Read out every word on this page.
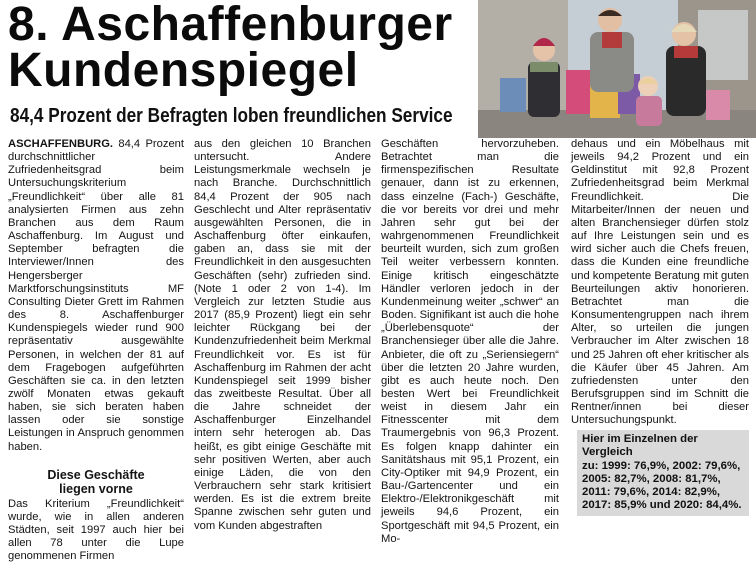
8. Aschaffenburger
Kundenspiegel
84,4 Prozent der Befragten loben freundlichen Service

ASCHAFFENBURG. 84,4 Prozent durchschnittlicher Zufriedenheitsgrad beim Untersuchungskriterium „Freundlichkeit“ über alle 81 analysierten Firmen aus zehn Branchen aus dem Raum Aschaffenburg. Im August und September befragten die Interviewer/Innen des Hengersberger Marktforschungsinstituts MF Consulting Dieter Grett im Rahmen des 8. Aschaffenburger Kundenspiegels wieder rund 900 repräsentativ ausgewählte Personen, in welchen der 81 auf dem Fragebogen aufgeführten Geschäften sie ca. in den letzten zwölf Monaten etwas gekauft haben, sie sich beraten haben lassen oder sie sonstige Leistungen in Anspruch genommen haben.

Diese Geschäfte
liegen vorne

Das Kriterium „Freundlichkeit“ wurde, wie in allen anderen Städten, seit 1997 auch hier bei allen 78 unter die Lupe genommenen Firmen

aus den gleichen 10 Branchen untersucht. Andere Leistungsmerkmale wechseln je nach Branche. Durchschnittlich 84,4 Prozent der 905 nach Geschlecht und Alter repräsentativ ausgewählten Personen, die in Aschaffenburg öfter einkaufen, gaben an, dass sie mit der Freundlichkeit in den ausgesuchten Geschäften (sehr) zufrieden sind. (Note 1 oder 2 von 1-4). Im Vergleich zur letzten Studie aus 2017 (85,9 Prozent) liegt ein sehr leichter Rückgang bei der Kundenzufriedenheit beim Merkmal Freundlichkeit vor. Es ist für Aschaffenburg im Rahmen der acht Kundenspiegel seit 1999 bisher das zweitbeste Resultat. Über all die Jahre schneidet der Aschaffenburger Einzelhandel intern sehr heterogen ab. Das heißt, es gibt einige Geschäfte mit sehr positiven Werten, aber auch einige Läden, die von den Verbrauchern sehr stark kritisiert werden. Es ist die extrem breite Spanne zwischen sehr guten und vom Kunden abgestraften

Geschäften hervorzuheben. Betrachtet man die firmenspezifischen Resultate genauer, dann ist zu erkennen, dass einzelne (Fach-) Geschäfte, die vor bereits vor drei und mehr Jahren sehr gut bei der wahrgenommenen Freundlichkeit beurteilt wurden, sich zum großen Teil weiter verbessern konnten. Einige kritisch eingeschätzte Händler verloren jedoch in der Kundenmeinung weiter „schwer“ an Boden. Signifikant ist auch die hohe „Überlebensquote“ der Branchensieger über alle die Jahre. Anbieter, die oft zu „Seriensiegern“ über die letzten 20 Jahre wurden, gibt es auch heute noch. Den besten Wert bei Freundlichkeit weist in diesem Jahr ein Fitnesscenter mit dem Traumergebnis von 96,3 Prozent. Es folgen knapp dahinter ein Sanitätshaus mit 95,1 Prozent, ein City-Optiker mit 94,9 Prozent, ein Bau-/Gartencenter und ein Elektro-/Elektronikgeschäft mit jeweils 94,6 Prozent, ein Sportgeschäft mit 94,5 Prozent, ein Mo-

dehaus und ein Möbelhaus mit jeweils 94,2 Prozent und ein Geldinstitut mit 92,8 Prozent Zufriedenheitsgrad beim Merkmal Freundlichkeit. Die Mitarbeiter/Innen der neuen und alten Branchensieger dürfen stolz auf Ihre Leistungen sein und es wird sicher auch die Chefs freuen, dass die Kunden eine freundliche und kompetente Beratung mit guten Beurteilungen aktiv honorieren. Betrachtet man die Konsumentengruppen nach ihrem Alter, so urteilen die jungen Verbraucher im Alter zwischen 18 und 25 Jahren oft eher kritischer als die Käufer über 45 Jahren. Am zufriedensten unter den Berufsgruppen sind im Schnitt die Rentner/innen bei dieser Untersuchungspunkt.

Hier im Einzelnen der Vergleich
zu: 1999: 76,9%, 2002: 79,6%, 2005: 82,7%, 2008: 81,7%, 2011: 79,6%, 2014: 82,9%, 2017: 85,9% und 2020: 84,4%.
